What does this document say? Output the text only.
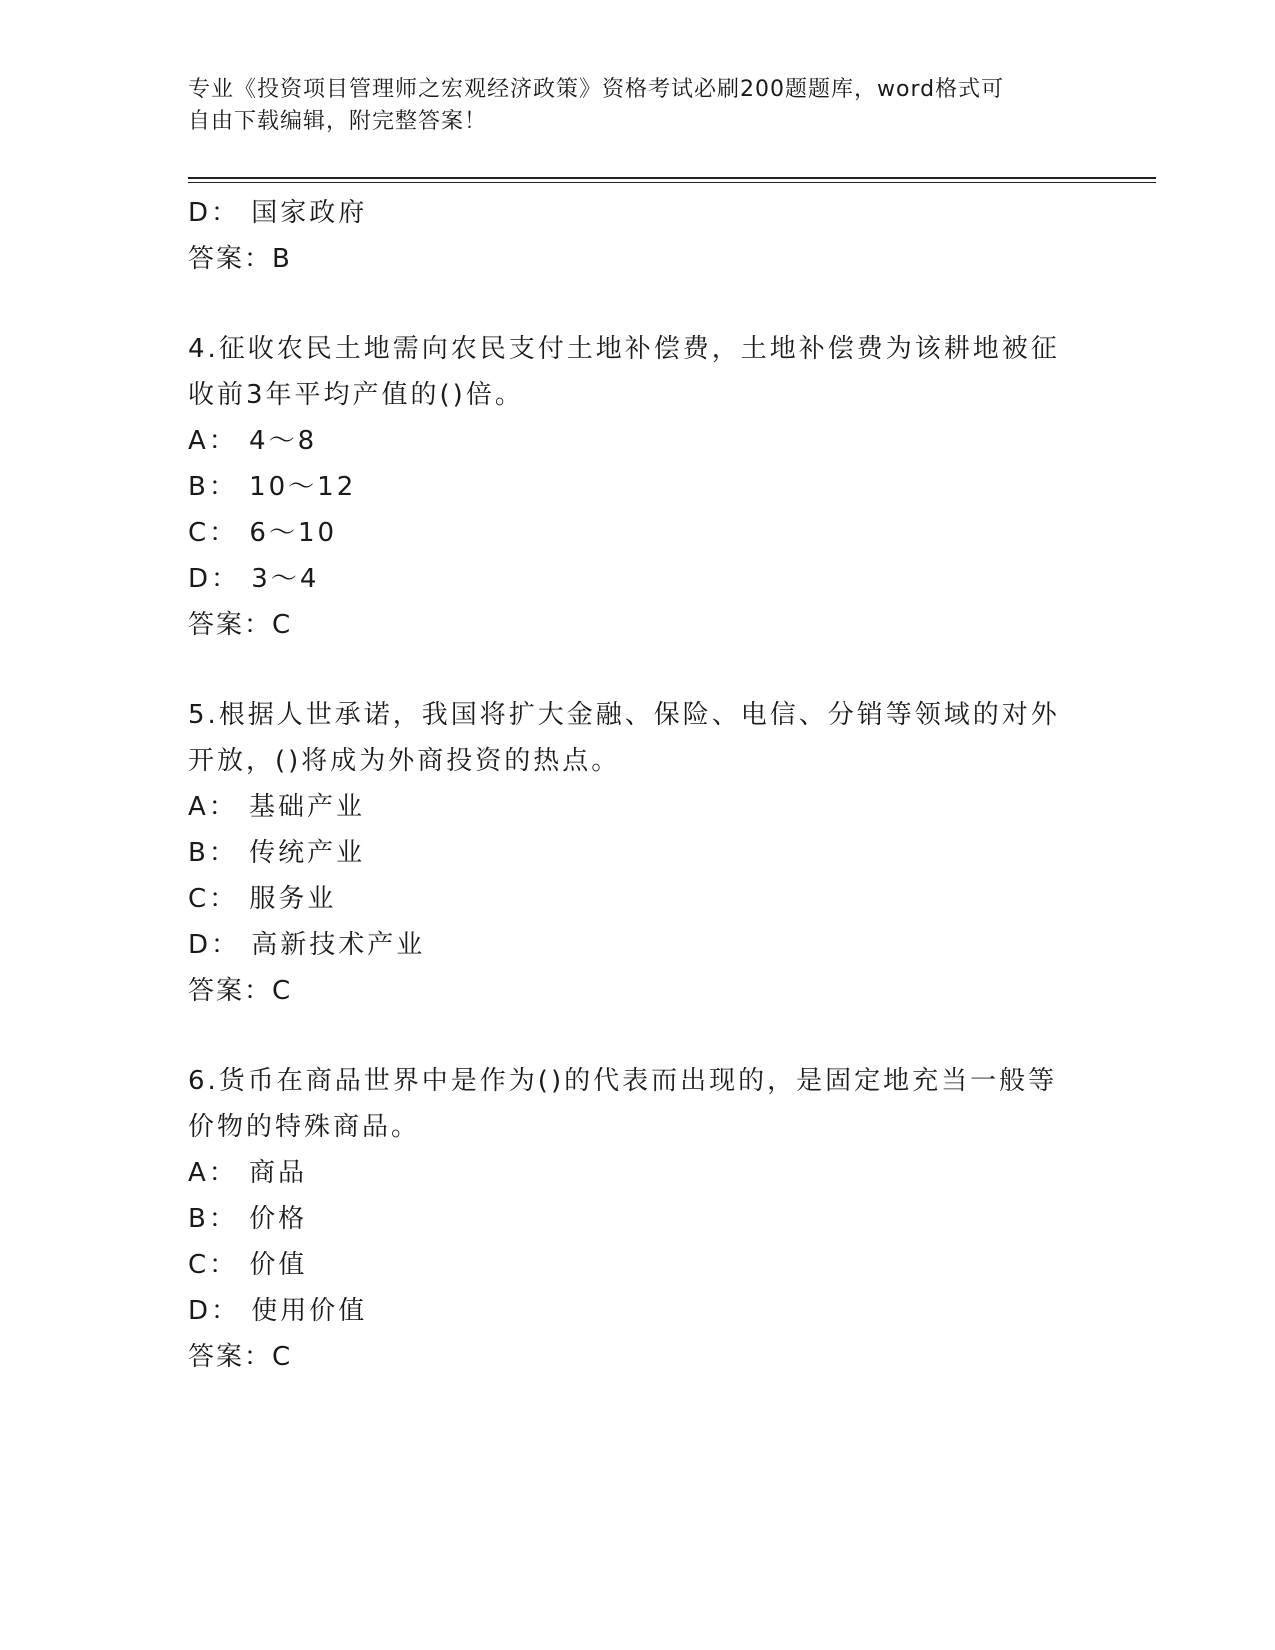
专业《投资项目管理师之宏观经济政策》资格考试必刷200题题库，word格式可
自由下载编辑，附完整答案！
D： 国家政府
答案：B
4.征收农民土地需向农民支付土地补偿费，土地补偿费为该耕地被征
收前3年平均产值的()倍。
A： 4～8
B： 10～12
C： 6～10
D： 3～4
答案：C
5.根据人世承诺，我国将扩大金融、保险、电信、分销等领域的对外
开放，()将成为外商投资的热点。
A： 基础产业
B： 传统产业
C： 服务业
D： 高新技术产业
答案：C
6.货币在商品世界中是作为()的代表而出现的，是固定地充当一般等
价物的特殊商品。
A： 商品
B： 价格
C： 价值
D： 使用价值
答案：C
